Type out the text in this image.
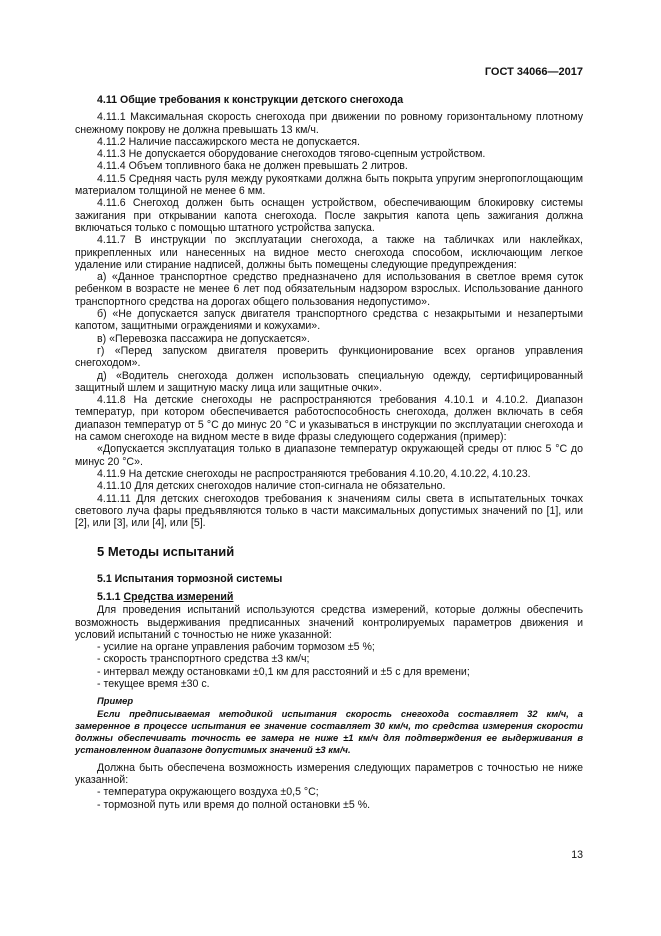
ГОСТ 34066—2017

4.11 Общие требования к конструкции детского снегохода

4.11.1 Максимальная скорость снегохода при движении по ровному горизонтальному плотному снежному покрову не должна превышать 13 км/ч.

4.11.2 Наличие пассажирского места не допускается.

4.11.3 Не допускается оборудование снегоходов тягово-сцепным устройством.

4.11.4 Объем топливного бака не должен превышать 2 литров.

4.11.5 Средняя часть руля между рукоятками должна быть покрыта упругим энергопоглощающим материалом толщиной не менее 6 мм.

4.11.6 Снегоход должен быть оснащен устройством, обеспечивающим блокировку системы зажигания при открывании капота снегохода. После закрытия капота цепь зажигания должна включаться только с помощью штатного устройства запуска.

4.11.7 В инструкции по эксплуатации снегохода, а также на табличках или наклейках, прикрепленных или нанесенных на видное место снегохода способом, исключающим легкое удаление или стирание надписей, должны быть помещены следующие предупреждения:

а) «Данное транспортное средство предназначено для использования в светлое время суток ребенком в возрасте не менее 6 лет под обязательным надзором взрослых. Использование данного транспортного средства на дорогах общего пользования недопустимо».

б) «Не допускается запуск двигателя транспортного средства с незакрытыми и незапертыми капотом, защитными ограждениями и кожухами».

в) «Перевозка пассажира не допускается».

г) «Перед запуском двигателя проверить функционирование всех органов управления снегоходом».

д) «Водитель снегохода должен использовать специальную одежду, сертифицированный защитный шлем и защитную маску лица или защитные очки».

4.11.8 На детские снегоходы не распространяются требования 4.10.1 и 4.10.2. Диапазон температур, при котором обеспечивается работоспособность снегохода, должен включать в себя диапазон температур от 5 °С до минус 20 °С и указываться в инструкции по эксплуатации снегохода и на самом снегоходе на видном месте в виде фразы следующего содержания (пример):

«Допускается эксплуатация только в диапазоне температур окружающей среды от плюс 5 °С до минус 20 °С».

4.11.9 На детские снегоходы не распространяются требования 4.10.20, 4.10.22, 4.10.23.

4.11.10 Для детских снегоходов наличие стоп-сигнала не обязательно.

4.11.11 Для детских снегоходов требования к значениям силы света в испытательных точках светового луча фары предъявляются только в части максимальных допустимых значений по [1], или [2], или [3], или [4], или [5].

5 Методы испытаний

5.1 Испытания тормозной системы

5.1.1 Средства измерений

Для проведения испытаний используются средства измерений, которые должны обеспечить возможность выдерживания предписанных значений контролируемых параметров движения и условий испытаний с точностью не ниже указанной:

- усилие на органе управления рабочим тормозом ±5 %;

- скорость транспортного средства ±3 км/ч;

- интервал между остановками ±0,1 км для расстояний и ±5 с для времени;

- текущее время ±30 с.

Пример

Если предписываемая методикой испытания скорость снегохода составляет 32 км/ч, а замеренное в процессе испытания ее значение составляет 30 км/ч, то средства измерения скорости должны обеспечивать точность ее замера не ниже ±1 км/ч для подтверждения ее выдерживания в установленном диапазоне допустимых значений ±3 км/ч.

Должна быть обеспечена возможность измерения следующих параметров с точностью не ниже указанной:

- температура окружающего воздуха ±0,5 °С;

- тормозной путь или время до полной остановки ±5 %.

13
